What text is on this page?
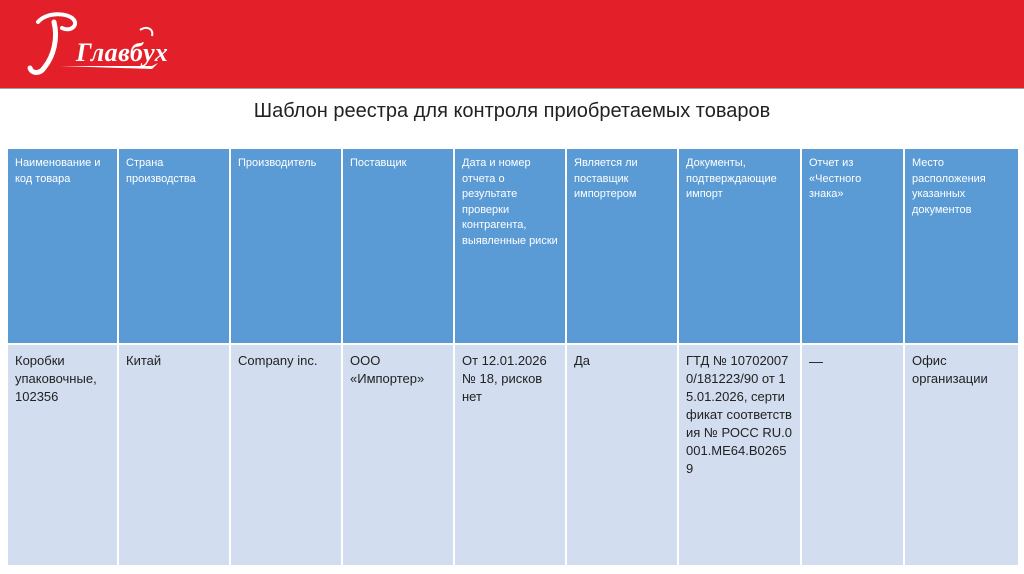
Главбух
Шаблон реестра для контроля приобретаемых товаров
Наименование и код товара	Страна производства	Производитель	Поставщик	Дата и номер отчета о результате проверки контрагента, выявленные риски	Является ли поставщик импортером	Документы, подтверждающие импорт	Отчет из «Честного знака»	Место расположения указанных документов
Коробки упаковочные, 102356	Китай	Company inc.	ООО «Импортер»	От 12.01.2026 № 18, рисков нет	Да	ГТД № 107020070/181223/90 от 15.01.2026, сертификат соответствия № РОСС RU.0001.МЕ64.В02659	—	Офис организации
